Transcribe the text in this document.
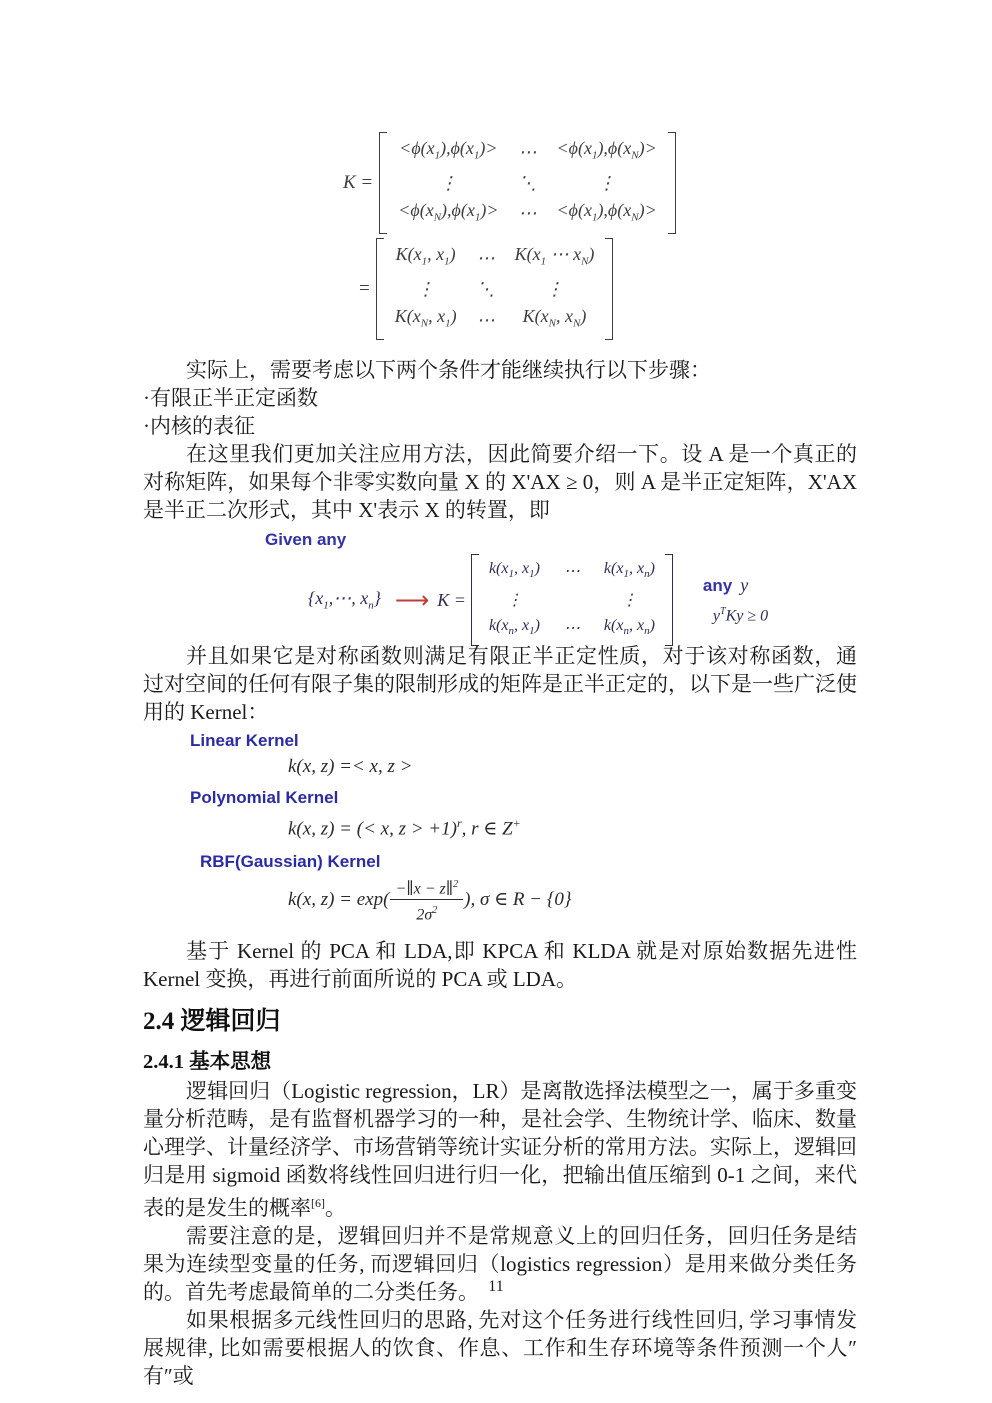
K =
$<\phi(x_1),\phi(x_1)>$ ⋯ $<\phi(x_1),\phi(x_N)>$
⋮	⋱	⋮
$<\phi(x_N),\phi(x_1)>$ ⋯ $<\phi(x_1),\phi(x_N)>$
=
$K(x_1$, $x_1$) ⋯ $K(x_1$ ⋯ $x_N$)
⋮ ⋱	⋮
$K(x_N$, $x_1$) ⋯ $K(x_N$, $x_N$)

实际上，需要考虑以下两个条件才能继续执行以下步骤：

·有限正半正定函数
·内核的表征

在这里我们更加关注应用方法，因此简要介绍一下。设 A 是一个真正的对称矩阵，如果每个非零实数向量 X 的 X'AX ≥ 0，则 A 是半正定矩阵，X'AX 是半正二次形式，其中 X'表示 X 的转置，即

Given any
{$x_1,\cdots$, $x_n$} ⟶ K =
$k(x_1$, $x_1$) ⋯ $k(x_1$, $x_n$)
⋮	⋮
$k(x_n$, $x_1$) ⋯ $k(x_n$, $x_n$)
any y
$y^TKy \ge 0$

并且如果它是对称函数则满足有限正半正定性质，对于该对称函数，通过对空间的任何有限子集的限制形成的矩阵是正半正定的，以下是一些广泛使用的 Kernel：

Linear Kernel
k(x, z) =< x, z >
Polynomial Kernel
k(x, z) = (< x, z > +1)$^r$, r ∈ Z+
RBF(Gaussian) Kernel
k(x, $z) = \exp( \frac{-\parallel x - z\parallel^2}{2\sigma^2}$ ), σ ∈ R − {0}

基于 Kernel 的 PCA 和 LDA,即 KPCA 和 KLDA 就是对原始数据先进性 Kernel 变换，再进行前面所说的 PCA 或 LDA。

2.4 逻辑回归
2.4.1 基本思想

逻辑回归（Logistic regression，LR）是离散选择法模型之一，属于多重变量分析范畴，是有监督机器学习的一种，是社会学、生物统计学、临床、数量心理学、计量经济学、市场营销等统计实证分析的常用方法。实际上，逻辑回归是用 sigmoid 函数将线性回归进行归一化，把输出值压缩到 0-1 之间，来代表的是发生的概率[6]。

需要注意的是，逻辑回归并不是常规意义上的回归任务，回归任务是结果为连续型变量的任务, 而逻辑回归（logistics regression）是用来做分类任务的。首先考虑最简单的二分类任务。

如果根据多元线性回归的思路, 先对这个任务进行线性回归, 学习事情发展规律, 比如需要根据人的饮食、作息、工作和生存环境等条件预测一个人″有″或

11
